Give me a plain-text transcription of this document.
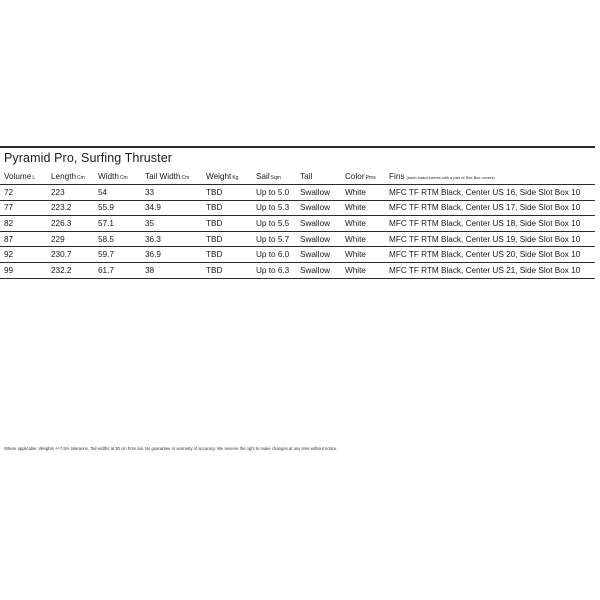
Pyramid Pro, Surfing Thruster
VolumeL	LengthCm	WidthCm	Tail WidthCm	WeightKg	SailSqm	Tail	ColorPms	Fins (each board comes with a pair of Slot Box covers)
72	223	54	33	TBD	Up to 5.0	Swallow	White	MFC TF RTM Black, Center US 16, Side Slot Box 10
77	223.2	55.9	34.9	TBD	Up to 5.3	Swallow	White	MFC TF RTM Black, Center US 17, Side Slot Box 10
82	226.3	57.1	35	TBD	Up to 5.5	Swallow	White	MFC TF RTM Black, Center US 18, Side Slot Box 10
87	229	58.5	36.3	TBD	Up to 5.7	Swallow	White	MFC TF RTM Black, Center US 19, Side Slot Box 10
92	230.7	59.7	36.9	TBD	Up to 6.0	Swallow	White	MFC TF RTM Black, Center US 20, Side Slot Box 10
99	232.2	61.7	38	TBD	Up to 6.3	Swallow	White	MFC TF RTM Black, Center US 21, Side Slot Box 10
Where applicable: Weights +/-7.5% tolerance. Tail widths at 30 cm from tail. No guarantee or warranty of accuracy. We reserve the right to make changes at any time without notice.
